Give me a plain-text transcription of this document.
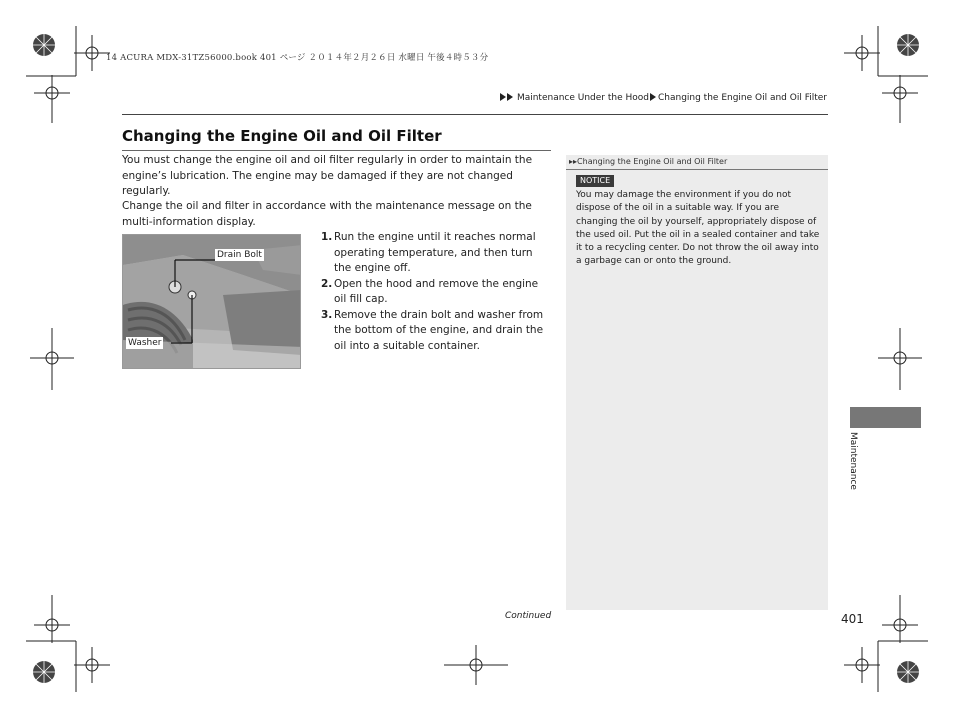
14 ACURA MDX-31TZ56000.book 401 ページ ２０１４年２月２６日 水曜日 午後４時５３分
Maintenance Under the Hood Changing the Engine Oil and Oil Filter
Changing the Engine Oil and Oil Filter
You must change the engine oil and oil filter regularly in order to maintain the engine’s lubrication. The engine may be damaged if they are not changed regularly.
Change the oil and filter in accordance with the maintenance message on the multi-information display.
Drain Bolt
Washer
1. Run the engine until it reaches normal operating temperature, and then turn the engine off.
2. Open the hood and remove the engine oil fill cap.
3. Remove the drain bolt and washer from the bottom of the engine, and drain the oil into a suitable container.
▸▸Changing the Engine Oil and Oil Filter
NOTICE
You may damage the environment if you do not dispose of the oil in a suitable way. If you are changing the oil by yourself, appropriately dispose of the used oil. Put the oil in a sealed container and take it to a recycling center. Do not throw the oil away into a garbage can or onto the ground.
Maintenance
Continued	401
